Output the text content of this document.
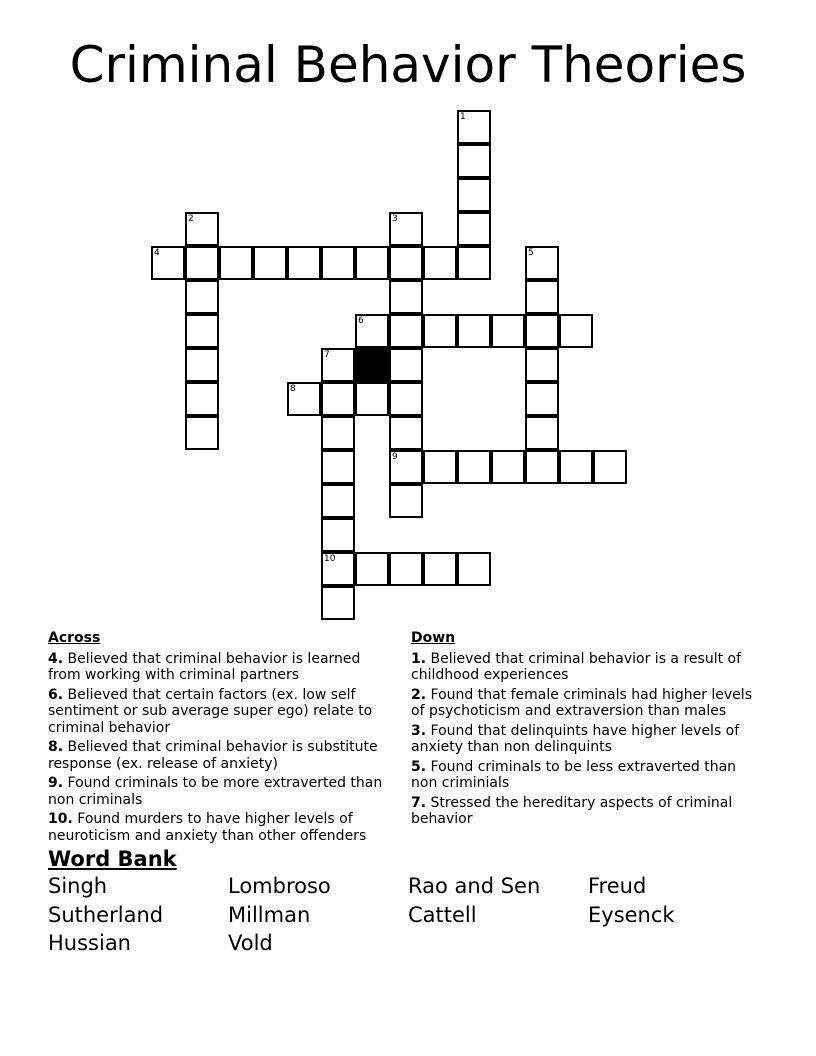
Criminal Behavior Theories
1
2	3
4	5
6
7
8
9
10
Across
4. Believed that criminal behavior is learned from working with criminal partners
6. Believed that certain factors (ex. low self sentiment or sub average super ego) relate to criminal behavior
8. Believed that criminal behavior is substitute response (ex. release of anxiety)
9. Found criminals to be more extraverted than non criminals
10. Found murders to have higher levels of neuroticism and anxiety than other offenders
Down
1. Believed that criminal behavior is a result of childhood experiences
2. Found that female criminals had higher levels of psychoticism and extraversion than males
3. Found that delinquints have higher levels of anxiety than non delinquints
5. Found criminals to be less extraverted than non criminials
7. Stressed the hereditary aspects of criminal behavior
Word Bank
Singh	Lombroso	Rao and Sen	Freud
Sutherland	Millman	Cattell	Eysenck
Hussian	Vold
